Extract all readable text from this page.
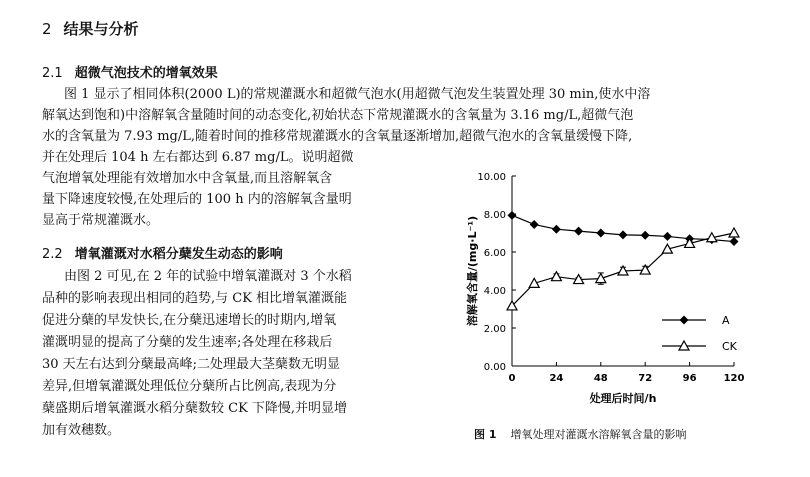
2 结果与分析
2.1 超微气泡技术的增氧效果
图 1 显示了相同体积(2000 L)的常规灌溉水和超微气泡水(用超微气泡发生装置处理 30 min,使水中溶
解氧达到饱和)中溶解氧含量随时间的动态变化,初始状态下常规灌溉水的含氧量为 3.16 mg/L,超微气泡
水的含氧量为 7.93 mg/L,随着时间的推移常规灌溉水的含氧量逐渐增加,超微气泡水的含氧量缓慢下降,
并在处理后 104 h 左右都达到 6.87 mg/L。说明超微
气泡增氧处理能有效增加水中含氧量,而且溶解氧含
量下降速度较慢,在处理后的 100 h 内的溶解氧含量明
显高于常规灌溉水。
2.2 增氧灌溉对水稻分蘖发生动态的影响
由图 2 可见,在 2 年的试验中增氧灌溉对 3 个水稻
品种的影响表现出相同的趋势,与 CK 相比增氧灌溉能
促进分蘖的早发快长,在分蘖迅速增长的时期内,增氧
灌溉明显的提高了分蘖的发生速率;各处理在移栽后
30 天左右达到分蘖最高峰;二处理最大茎蘖数无明显
差异,但增氧灌溉处理低位分蘖所占比例高,表现为分
蘖盛期后增氧灌溉水稻分蘖数较 CK 下降慢,并明显增
加有效穗数。
0.00
2.00
4.00
6.00
8.00
10.00
0	24	48	72	96	120
处理后时间/h
溶解氧含量/(mg·L⁻¹)	A
CK
图 1 增氧处理对灌溉水溶解氧含量的影响
